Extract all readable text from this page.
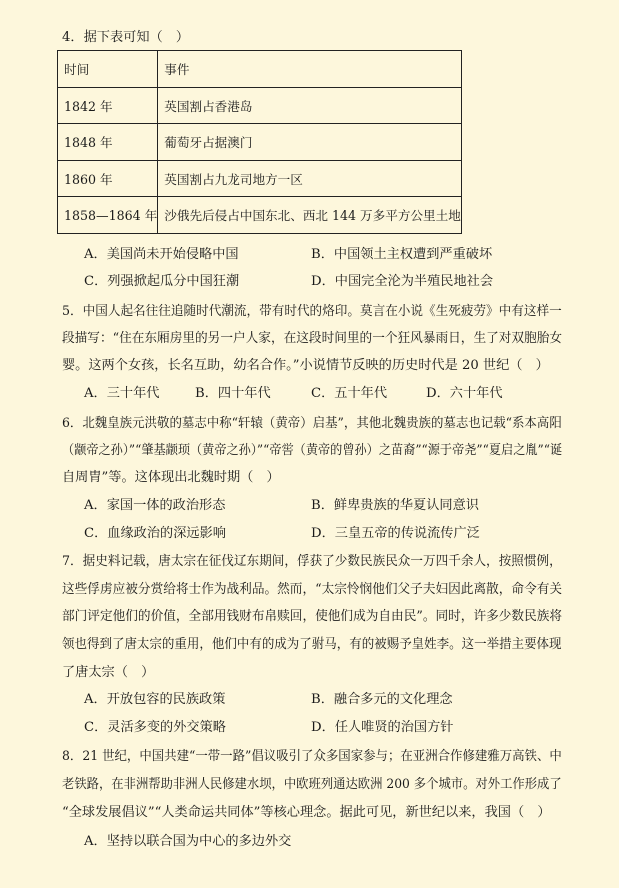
4．据下表可知（　）
时间	事件
1842 年	英国割占香港岛
1848 年	葡萄牙占据澳门
1860 年	英国割占九龙司地方一区
1858—1864 年	沙俄先后侵占中国东北、西北 144 万多平方公里土地
A．美国尚未开始侵略中国	B．中国领土主权遭到严重破坏
C．列强掀起瓜分中国狂潮	D．中国完全沦为半殖民地社会
5．中国人起名往往追随时代潮流，带有时代的烙印。莫言在小说《生死疲劳》中有这样一
段描写：“住在东厢房里的另一户人家，在这段时间里的一个狂风暴雨日，生了对双胞胎女
婴。这两个女孩，长名互助，幼名合作。”小说情节反映的历史时代是 20 世纪（　）
A．三十年代	B．四十年代	C．五十年代	D．六十年代
6．北魏皇族元洪敬的墓志中称“轩辕（黄帝）启基”，其他北魏贵族的墓志也记载“系本高阳
（颛帝之孙）”“肇基颛顼（黄帝之孙）”“帝喾（黄帝的曾孙）之苗裔”“源于帝尧”“夏启之胤”“诞
自周胄”等。这体现出北魏时期（　）
A．家国一体的政治形态	B．鲜卑贵族的华夏认同意识
C．血缘政治的深远影响	D．三皇五帝的传说流传广泛
7．据史料记载，唐太宗在征伐辽东期间，俘获了少数民族民众一万四千余人，按照惯例，
这些俘虏应被分赏给将士作为战利品。然而，“太宗怜悯他们父子夫妇因此离散，命令有关
部门评定他们的价值，全部用钱财布帛赎回，使他们成为自由民”。同时，许多少数民族将
领也得到了唐太宗的重用，他们中有的成为了驸马，有的被赐予皇姓李。这一举措主要体现
了唐太宗（　）
A．开放包容的民族政策	B．融合多元的文化理念
C．灵活多变的外交策略	D．任人唯贤的治国方针
8．21 世纪，中国共建“一带一路”倡议吸引了众多国家参与；在亚洲合作修建雅万高铁、中
老铁路，在非洲帮助非洲人民修建水坝，中欧班列通达欧洲 200 多个城市。对外工作形成了
“全球发展倡议”“人类命运共同体”等核心理念。据此可见，新世纪以来，我国（　）
A．坚持以联合国为中心的多边外交
